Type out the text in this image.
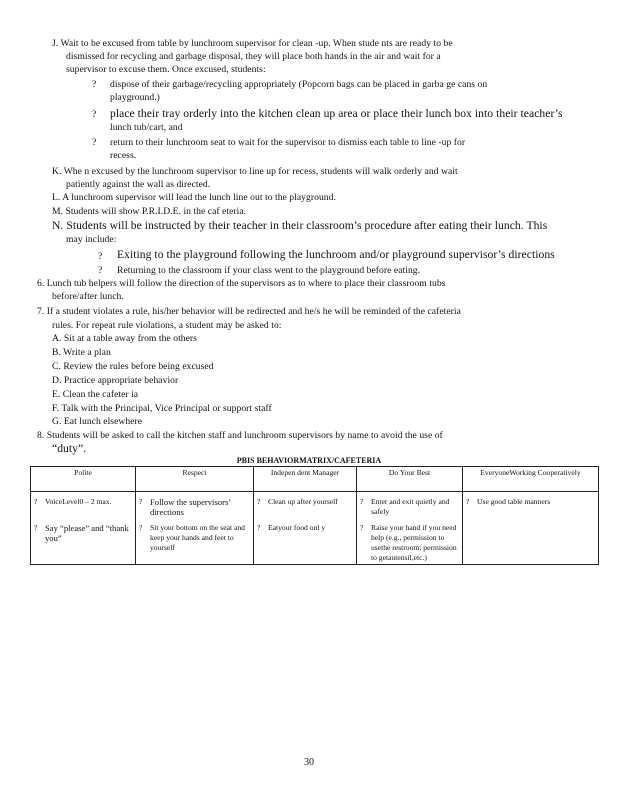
J. Wait to be excused from table by lunchroom supervisor for clean -up. When stude nts are ready to be
dismissed for recycling and garbage disposal, they will place both hands in the air and wait for a
supervisor to excuse them. Once excused, students:
? dispose of their garbage/recycling appropriately (Popcorn bags can be placed in garba ge cans on
playground.)
? place their tray orderly into the kitchen clean up area or place their lunch box into their teacher’s
lunch tub/cart, and
? return to their lunchroom seat to wait for the supervisor to dismiss each table to line -up for
recess.
K. Whe n excused by the lunchroom supervisor to line up for recess, students will walk orderly and wait
patiently against the wall as directed.
L. A lunchroom supervisor will lead the lunch line out to the playground.
M. Students will show P.R.I.D.E. in the caf eteria.
N. Students will be instructed by their teacher in their classroom’s procedure after eating their lunch. This
may include:
? Exiting to the playground following the lunchroom and/or playground supervisor’s directions
? Returning to the classroom if your class went to the playground before eating.
6. Lunch tub helpers will follow the direction of the supervisors as to where to place their classroom tubs
before/after lunch.
7. If a student violates a rule, his/her behavior will be redirected and he/s he will be reminded of the cafeteria
rules. For repeat rule violations, a student may be asked to:
A. Sit at a table away from the others
B. Write a plan
C. Review the rules before being excused
D. Practice appropriate behavior
E. Clean the cafeter ia
F. Talk with the Principal, Vice Principal or support staff
G. Eat lunch elsewhere
8. Students will be asked to call the kitchen staff and lunchroom supervisors by name to avoid the use of
“duty”.
PBIS BEHAVIORMATRIX/CAFETERIA
Polite	Respect	Indepen dent Manager	Do Your Best	EveryoneWorking Cooperatively

? VoiceLevel0 – 2 max.	? Follow the supervisors’ directions	? Clean up after yourself	? Enter and exit quietly and safely	? Use good table manners

? Say “please” and “thank you”	? Sit your bottom on the seat and keep your hands and feet to yourself	? Eatyour food onl y	? Raise your hand if you need help (e.g., permission to usethe restroom; permission to getautensil,etc.)	

30
